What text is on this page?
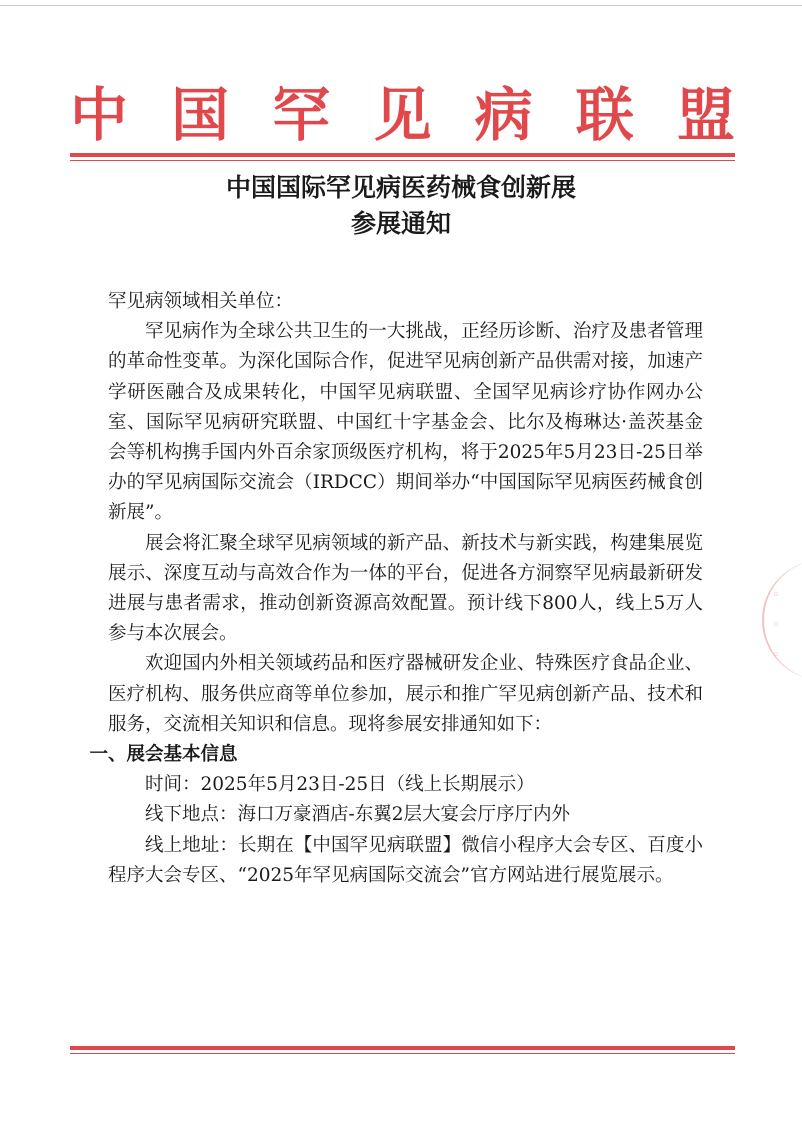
中 国 罕 见 病 联 盟
中国国际罕见病医药械食创新展
参展通知

罕见病领域相关单位：

罕见病作为全球公共卫生的一大挑战，正经历诊断、治疗及患者管理的革命性变革。为深化国际合作，促进罕见病创新产品供需对接，加速产学研医融合及成果转化，中国罕见病联盟、全国罕见病诊疗协作网办公室、国际罕见病研究联盟、中国红十字基金会、比尔及梅琳达·盖茨基金会等机构携手国内外百余家顶级医疗机构，将于2025年5月23日-25日举办的罕见病国际交流会（IRDCC）期间举办“中国国际罕见病医药械食创新展”。

展会将汇聚全球罕见病领域的新产品、新技术与新实践，构建集展览展示、深度互动与高效合作为一体的平台，促进各方洞察罕见病最新研发进展与患者需求，推动创新资源高效配置。预计线下800人，线上5万人参与本次展会。

欢迎国内外相关领域药品和医疗器械研发企业、特殊医疗食品企业、医疗机构、服务供应商等单位参加，展示和推广罕见病创新产品、技术和服务，交流相关知识和信息。现将参展安排通知如下：

一、展会基本信息

时间：2025年5月23日-25日（线上长期展示）

线下地点：海口万豪酒店-东翼2层大宴会厅序厅内外

线上地址：长期在【中国罕见病联盟】微信小程序大会专区、百度小程序大会专区、“2025年罕见病国际交流会”官方网站进行展览展示。

◦
◦
◦
